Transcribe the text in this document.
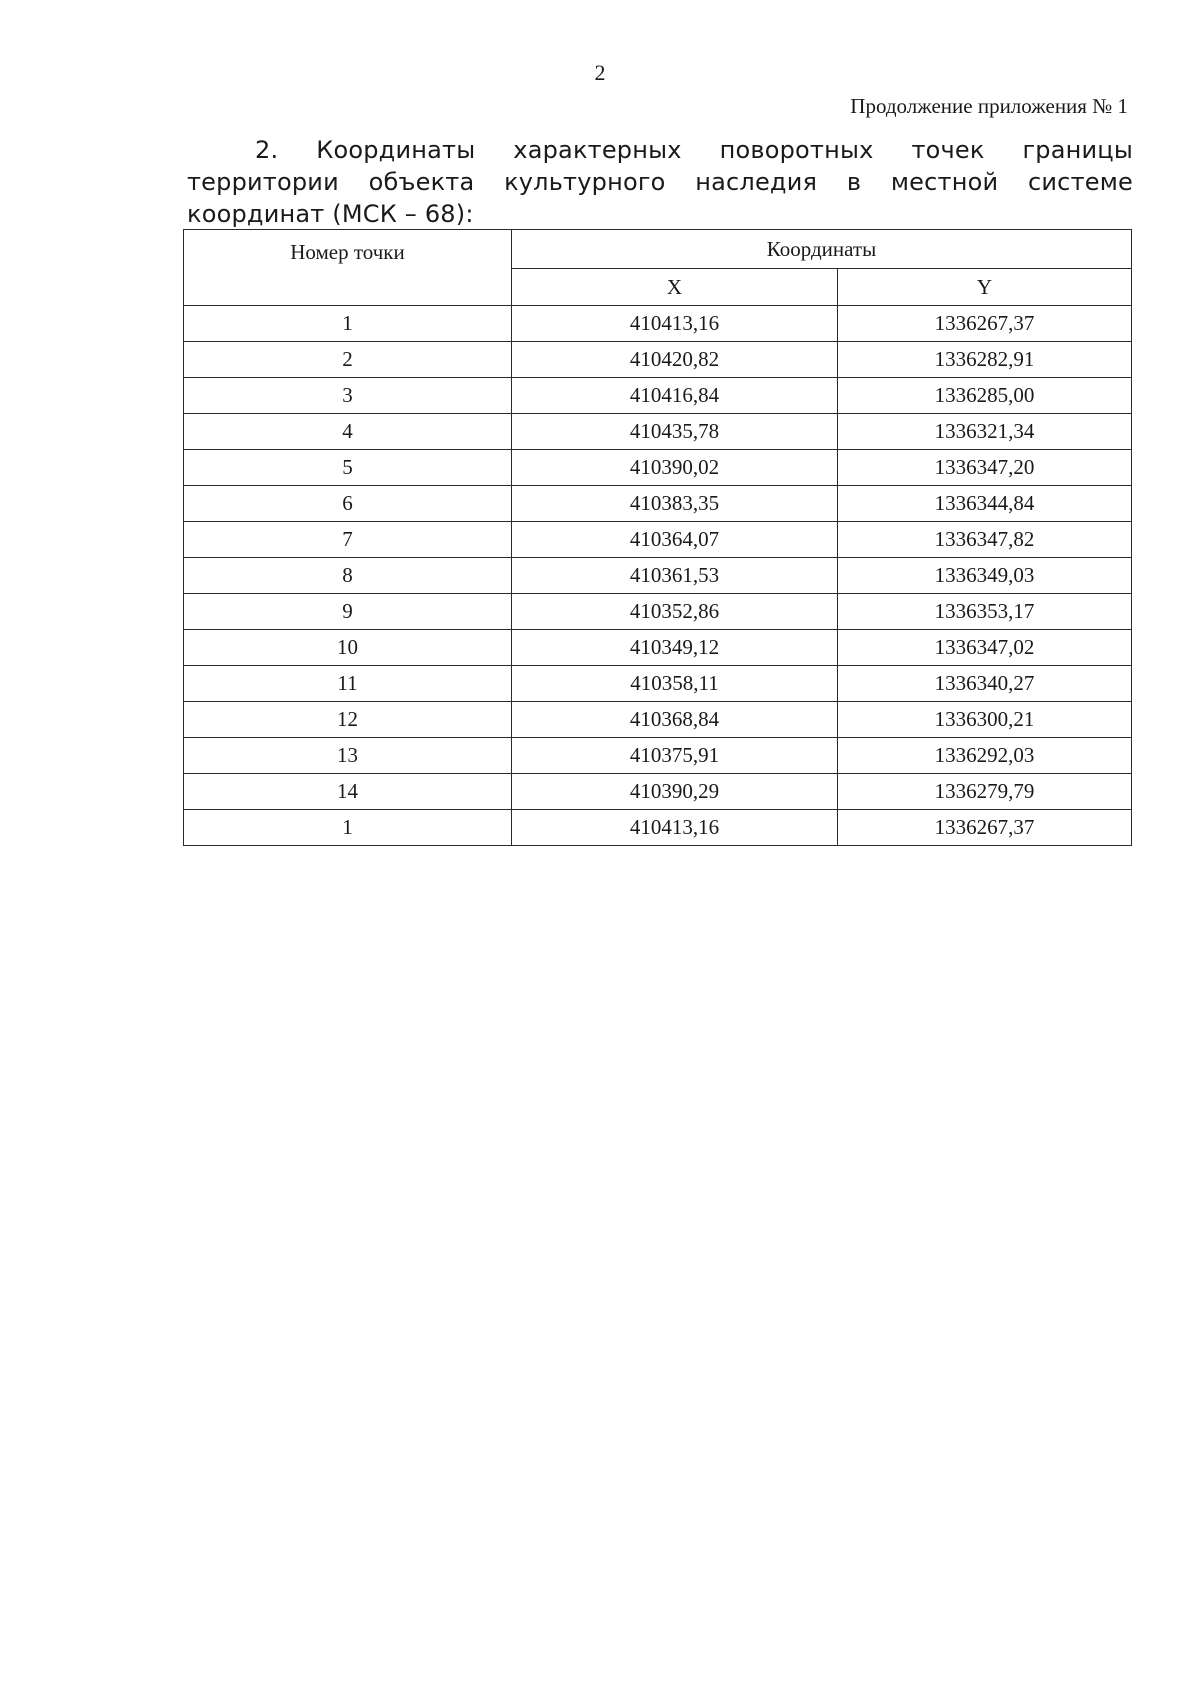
2
Продолжение приложения № 1
2. Координаты характерных поворотных точек границы территории объекта культурного наследия в местной системе координат (МСК – 68):
Номер точки	Координаты	
	X	Y
1	410413,16	1336267,37
2	410420,82	1336282,91
3	410416,84	1336285,00
4	410435,78	1336321,34
5	410390,02	1336347,20
6	410383,35	1336344,84
7	410364,07	1336347,82
8	410361,53	1336349,03
9	410352,86	1336353,17
10	410349,12	1336347,02
11	410358,11	1336340,27
12	410368,84	1336300,21
13	410375,91	1336292,03
14	410390,29	1336279,79
1	410413,16	1336267,37
